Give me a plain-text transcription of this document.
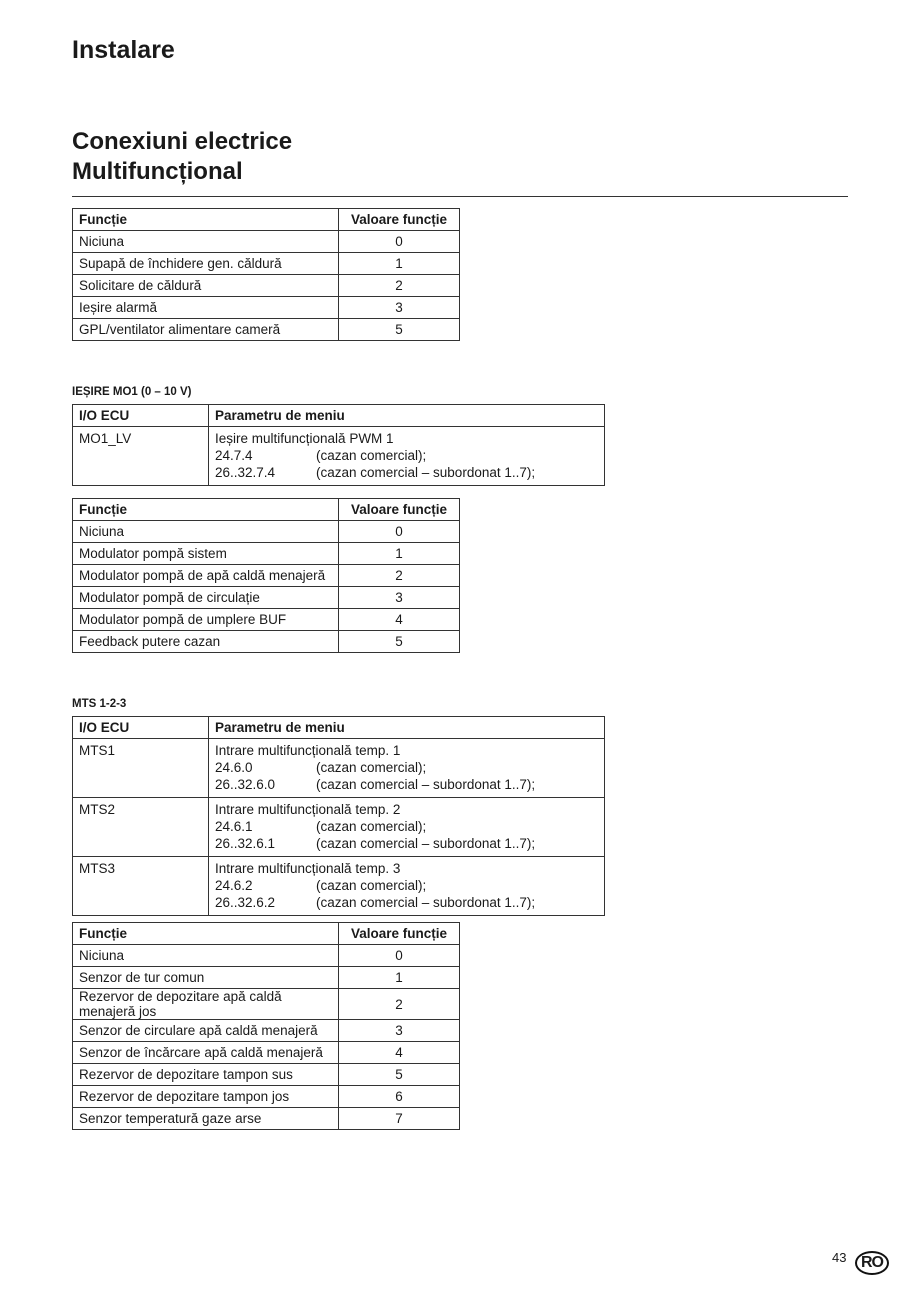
Instalare
Conexiuni electrice
Multifuncțional
Funcție	Valoare funcție
Niciuna	0
Supapă de închidere gen. căldură	1
Solicitare de căldură	2
Ieșire alarmă	3
GPL/ventilator alimentare cameră	5
IEȘIRE MO1 (0 – 10 V)
I/O ECU	Parametru de meniu
MO1_LV	Ieșire multifuncțională PWM 1
24.7.4 (cazan comercial);
26..32.7.4 (cazan comercial – subordonat 1..7);
Funcție	Valoare funcție
Niciuna	0
Modulator pompă sistem	1
Modulator pompă de apă caldă menajeră	2
Modulator pompă de circulație	3
Modulator pompă de umplere BUF	4
Feedback putere cazan	5
MTS 1-2-3
I/O ECU	Parametru de meniu
MTS1	Intrare multifuncțională temp. 1
24.6.0 (cazan comercial);
26..32.6.0 (cazan comercial – subordonat 1..7);

MTS2	Intrare multifuncțională temp. 2
24.6.1 (cazan comercial);
26..32.6.1 (cazan comercial – subordonat 1..7);

MTS3	Intrare multifuncțională temp. 3
24.6.2 (cazan comercial);
26..32.6.2 (cazan comercial – subordonat 1..7);
Funcție	Valoare funcție
Niciuna	0
Senzor de tur comun	1
Rezervor de depozitare apă caldă menajeră jos	2
Senzor de circulare apă caldă menajeră	3
Senzor de încărcare apă caldă menajeră	4
Rezervor de depozitare tampon sus	5
Rezervor de depozitare tampon jos	6
Senzor temperatură gaze arse	7
43 RO
